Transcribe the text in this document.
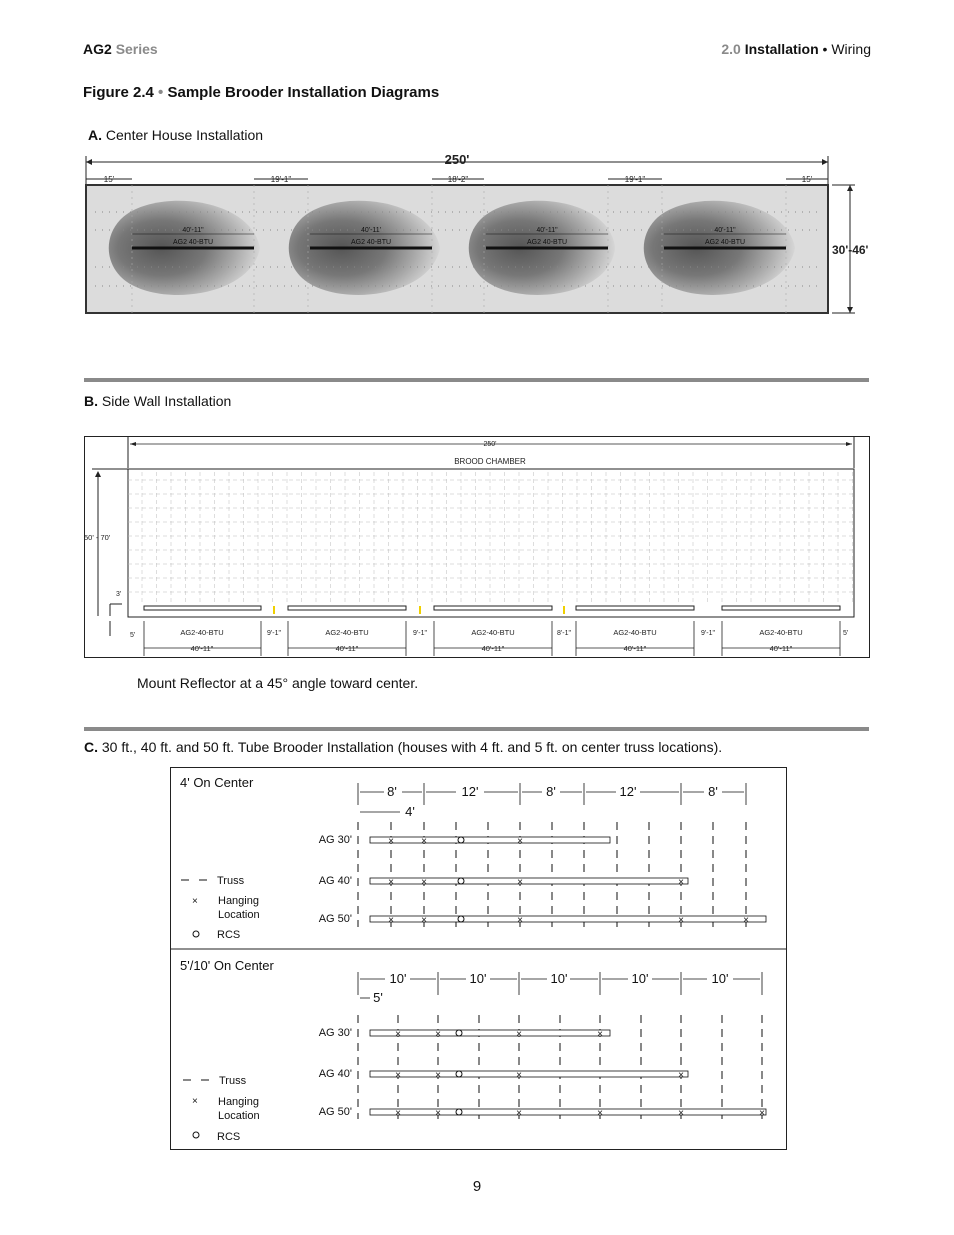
AG2 Series	2.0 Installation • Wiring
Figure 2.4 • Sample Brooder Installation Diagrams
A. Center House Installation
250'
15'	19'-1"	18'-2"	19'-1"	15'
40'-11"
AG2 40-BTU
40'-11'
AG2 40-BTU
40'-11"
AG2 40-BTU
40'-11"
AG2 40-BTU
30'-46'
B. Side Wall Installation
250'
BROOD CHAMBER
50' - 70'
3'
5'	5'
AG2-40-BTU
40'-11"
AG2-40-BTU
40'-11"
AG2-40-BTU
40'-11"
AG2-40-BTU
40'-11"
AG2-40-BTU
40'-11"
9'-1"	9'-1"	8'-1"	9'-1"
Mount Reflector at a 45° angle toward center.
C. 30 ft., 40 ft. and 50 ft. Tube Brooder Installation (houses with 4 ft. and 5 ft. on center truss locations).
4' On Center
8'	12'	8'	12'	8'
4'
AG 30'
AG 40'
AG 50'
×	×	×
×	×	×	×
×	×	×	×	×
Truss
× Hanging
Location
RCS
5'/10' On Center
10'	10'	10'	10'	10'
5'
AG 30'
AG 40'
AG 50'
×	×	×	×
×	×	×	×
×	×	×	×	×	×
Truss
× Hanging
Location
RCS
9
